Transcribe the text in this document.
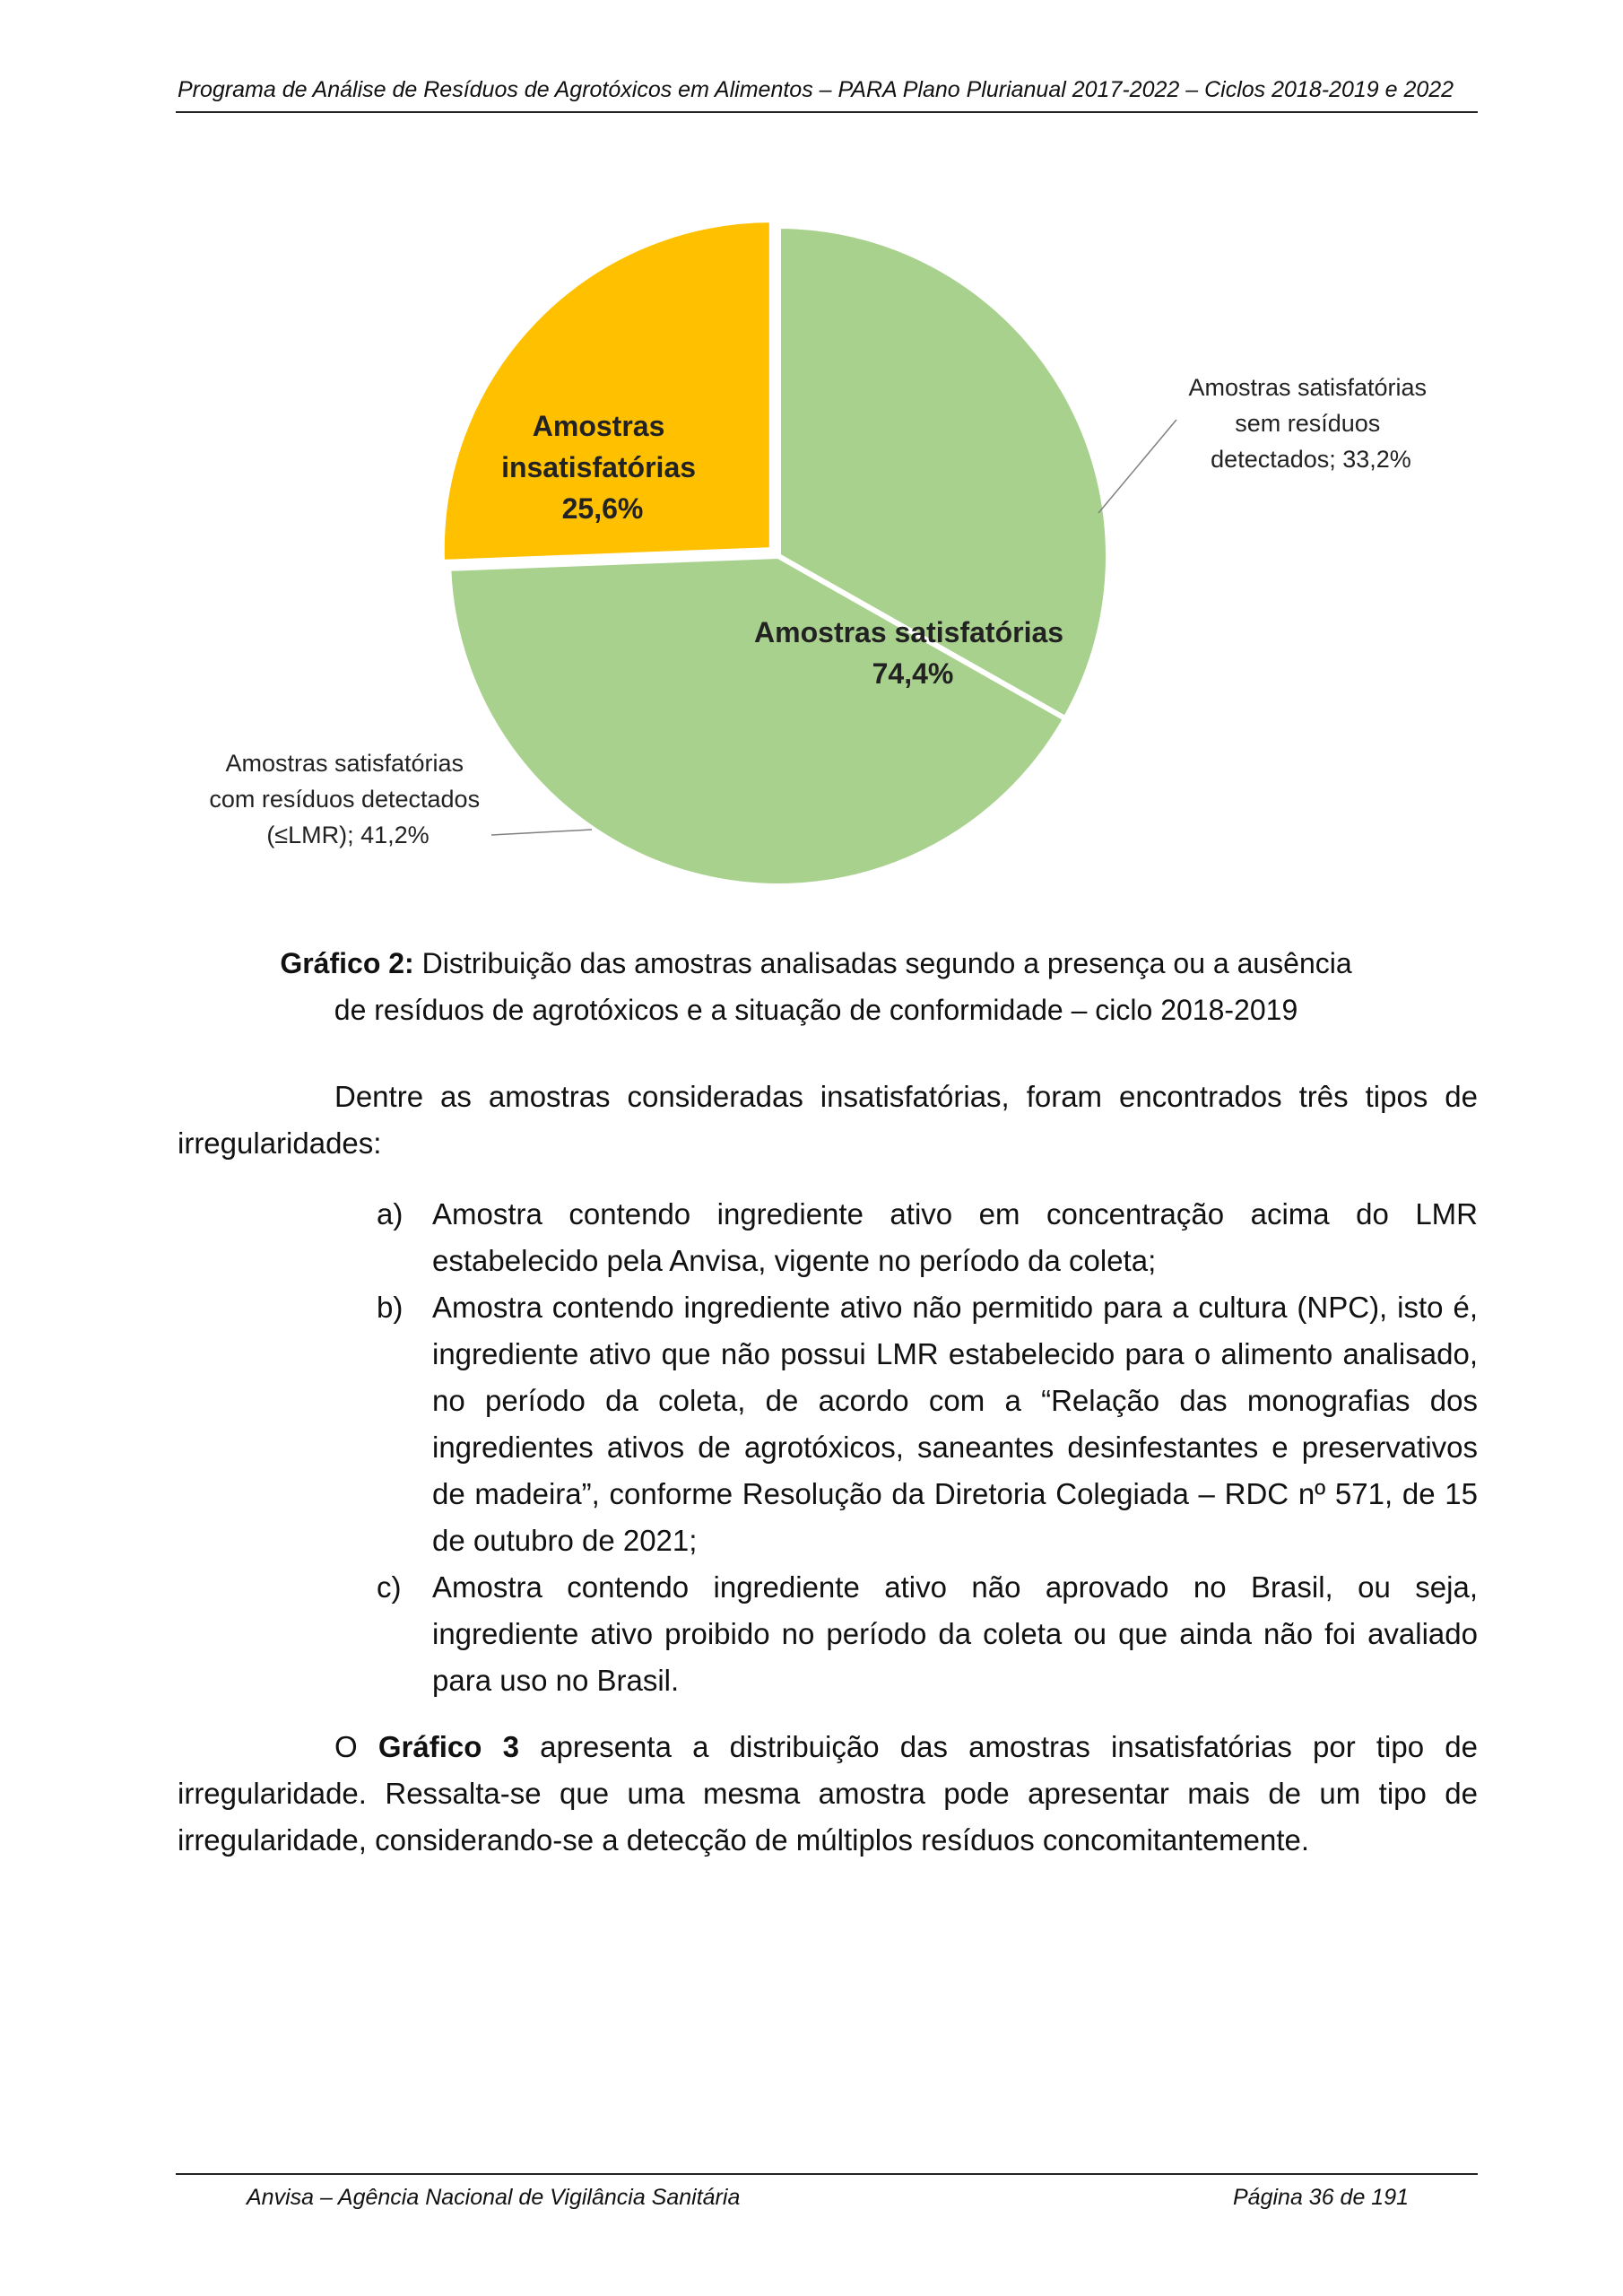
Programa de Análise de Resíduos de Agrotóxicos em Alimentos – PARA Plano Plurianual 2017-2022 – Ciclos 2018-2019 e 2022
Amostras satisfatórias sem resíduos detectados; 33,2%
Amostras satisfatórias com resíduos detectados (≤LMR); 41,2%
Amostras insatisfatórias 25,6%
Amostras satisfatórias 74,4%
Gráfico 2: Distribuição das amostras analisadas segundo a presença ou a ausência
de resíduos de agrotóxicos e a situação de conformidade – ciclo 2018-2019
Dentre as amostras consideradas insatisfatórias, foram encontrados três tipos de irregularidades:
a) Amostra contendo ingrediente ativo em concentração acima do LMR estabelecido pela Anvisa, vigente no período da coleta;
b) Amostra contendo ingrediente ativo não permitido para a cultura (NPC), isto é, ingrediente ativo que não possui LMR estabelecido para o alimento analisado, no período da coleta, de acordo com a “Relação das monografias dos ingredientes ativos de agrotóxicos, saneantes desinfestantes e preservativos de madeira”, conforme Resolução da Diretoria Colegiada – RDC nº 571, de 15 de outubro de 2021;
c) Amostra contendo ingrediente ativo não aprovado no Brasil, ou seja, ingrediente ativo proibido no período da coleta ou que ainda não foi avaliado para uso no Brasil.
O Gráfico 3 apresenta a distribuição das amostras insatisfatórias por tipo de irregularidade. Ressalta-se que uma mesma amostra pode apresentar mais de um tipo de irregularidade, considerando-se a detecção de múltiplos resíduos concomitantemente.
Anvisa – Agência Nacional de Vigilância Sanitária	Página 36 de 191
